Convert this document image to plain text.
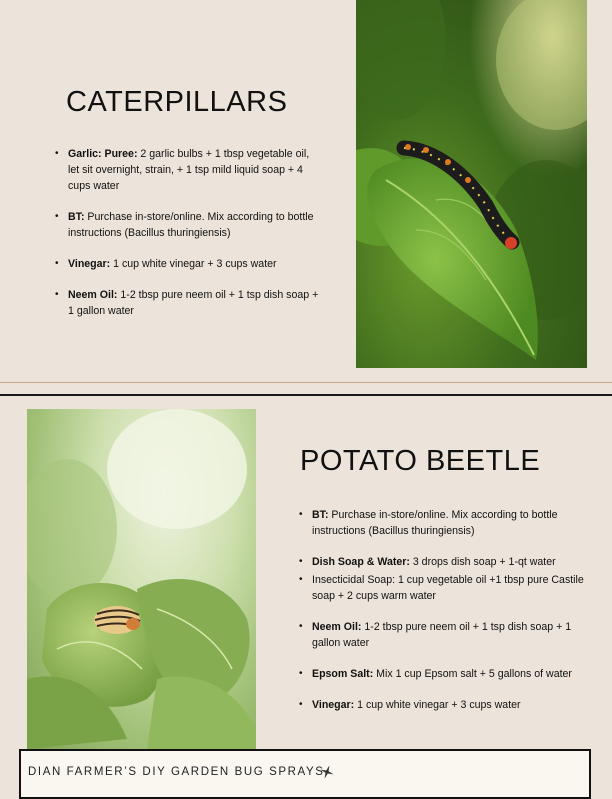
CATERPILLARS
• Garlic: Puree: 2 garlic bulbs + 1 tbsp vegetable oil, let sit overnight, strain, + 1 tsp mild liquid soap + 4 cups water
• BT: Purchase in-store/online. Mix according to bottle instructions (Bacillus thuringiensis)
• Vinegar: 1 cup white vinegar + 3 cups water
• Neem Oil: 1-2 tbsp pure neem oil + 1 tsp dish soap + 1 gallon water
POTATO BEETLE
• BT: Purchase in-store/online. Mix according to bottle instructions (Bacillus thuringiensis)
• Dish Soap & Water: 3 drops dish soap + 1-qt water
• Insecticidal Soap: 1 cup vegetable oil +1 tbsp pure Castile soap + 2 cups warm water
• Neem Oil: 1-2 tbsp pure neem oil + 1 tsp dish soap + 1 gallon water
• Epsom Salt: Mix 1 cup Epsom salt + 5 gallons of water
• Vinegar: 1 cup white vinegar + 3 cups water
DIAN FARMER’S DIY GARDEN BUG SPRAYS
